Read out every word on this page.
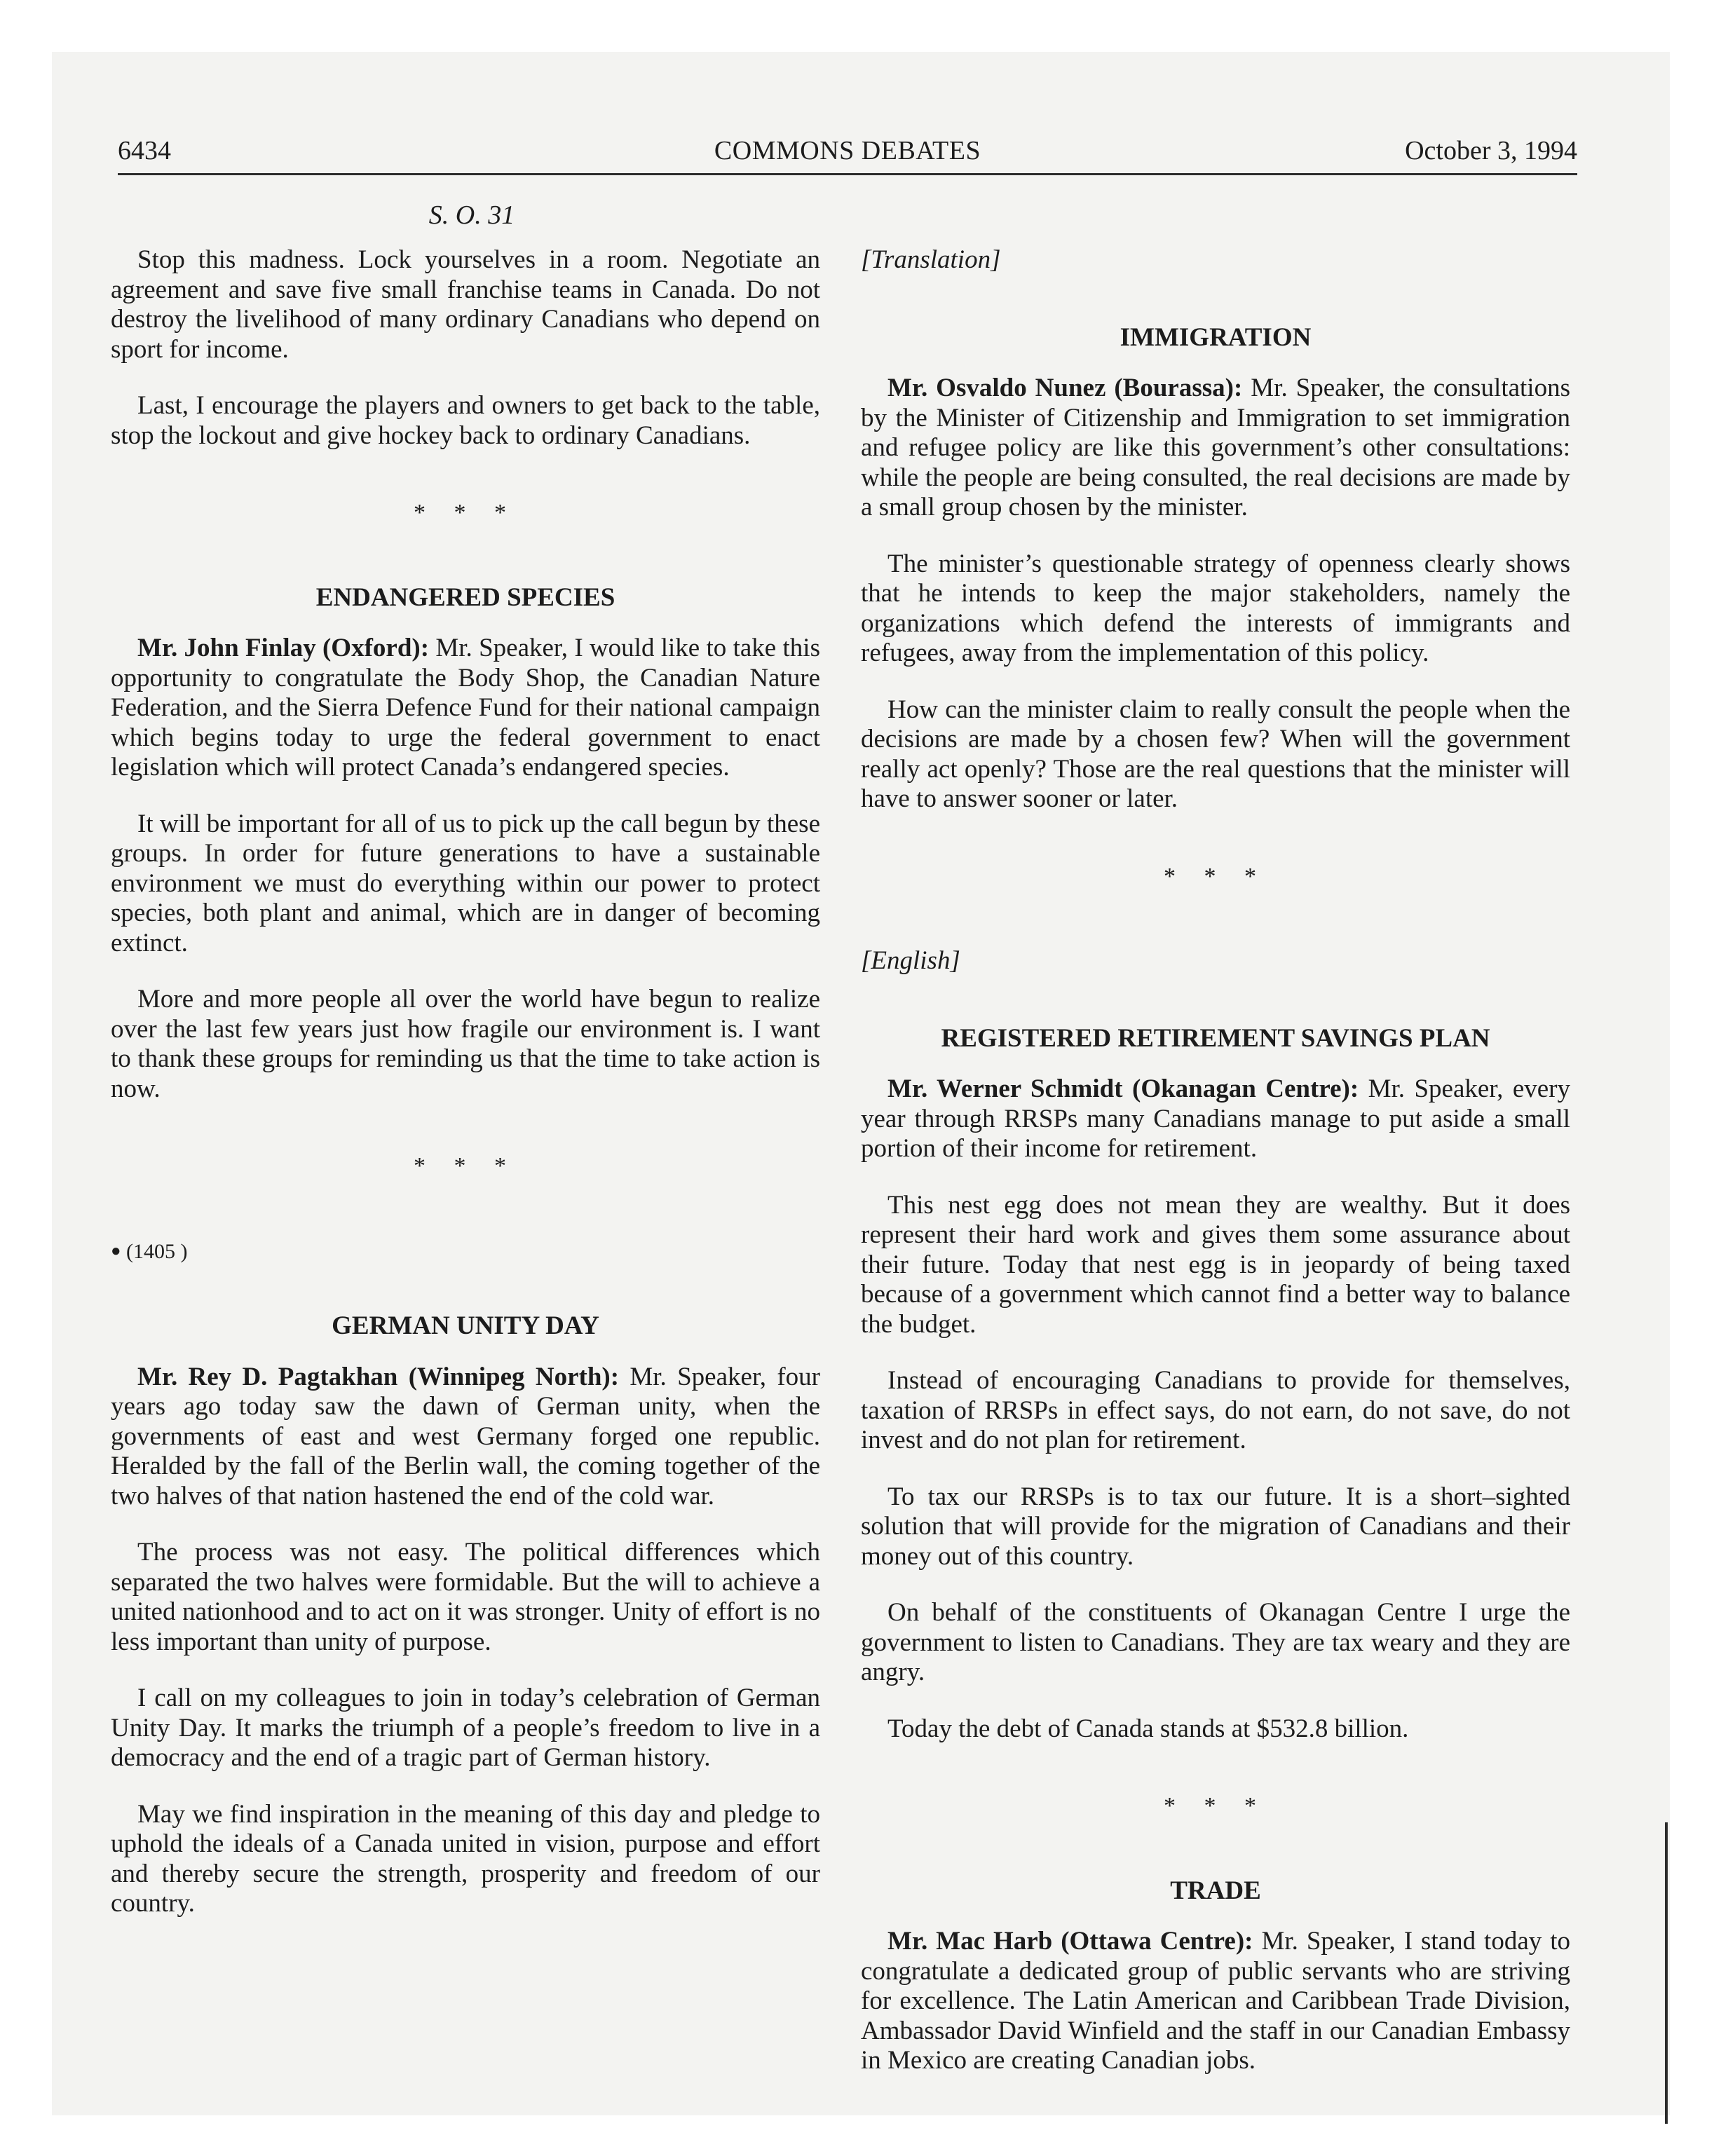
6434	COMMONS DEBATES	October 3, 1994
S. O. 31

Stop this madness. Lock yourselves in a room. Negotiate an agreement and save five small franchise teams in Canada. Do not destroy the livelihood of many ordinary Canadians who depend on sport for income.

Last, I encourage the players and owners to get back to the table, stop the lockout and give hockey back to ordinary Canadians.

* * *
ENDANGERED SPECIES

Mr. John Finlay (Oxford): Mr. Speaker, I would like to take this opportunity to congratulate the Body Shop, the Canadian Nature Federation, and the Sierra Defence Fund for their national campaign which begins today to urge the federal government to enact legislation which will protect Canada’s endangered species.

It will be important for all of us to pick up the call begun by these groups. In order for future generations to have a sustainable environment we must do everything within our power to protect species, both plant and animal, which are in danger of becoming extinct.

More and more people all over the world have begun to realize over the last few years just how fragile our environment is. I want to thank these groups for reminding us that the time to take action is now.

* * *
● (1405 )
GERMAN UNITY DAY

Mr. Rey D. Pagtakhan (Winnipeg North): Mr. Speaker, four years ago today saw the dawn of German unity, when the governments of east and west Germany forged one republic. Heralded by the fall of the Berlin wall, the coming together of the two halves of that nation hastened the end of the cold war.

The process was not easy. The political differences which separated the two halves were formidable. But the will to achieve a united nationhood and to act on it was stronger. Unity of effort is no less important than unity of purpose.

I call on my colleagues to join in today’s celebration of German Unity Day. It marks the triumph of a people’s freedom to live in a democracy and the end of a tragic part of German history.

May we find inspiration in the meaning of this day and pledge to uphold the ideals of a Canada united in vision, purpose and effort and thereby secure the strength, prosperity and freedom of our country.

[Translation]

IMMIGRATION

Mr. Osvaldo Nunez (Bourassa): Mr. Speaker, the consultations by the Minister of Citizenship and Immigration to set immigration and refugee policy are like this government’s other consultations: while the people are being consulted, the real decisions are made by a small group chosen by the minister.

The minister’s questionable strategy of openness clearly shows that he intends to keep the major stakeholders, namely the organizations which defend the interests of immigrants and refugees, away from the implementation of this policy.

How can the minister claim to really consult the people when the decisions are made by a chosen few? When will the government really act openly? Those are the real questions that the minister will have to answer sooner or later.

* * *

[English]

REGISTERED RETIREMENT SAVINGS PLAN

Mr. Werner Schmidt (Okanagan Centre): Mr. Speaker, every year through RRSPs many Canadians manage to put aside a small portion of their income for retirement.

This nest egg does not mean they are wealthy. But it does represent their hard work and gives them some assurance about their future. Today that nest egg is in jeopardy of being taxed because of a government which cannot find a better way to balance the budget.

Instead of encouraging Canadians to provide for themselves, taxation of RRSPs in effect says, do not earn, do not save, do not invest and do not plan for retirement.

To tax our RRSPs is to tax our future. It is a short–sighted solution that will provide for the migration of Canadians and their money out of this country.

On behalf of the constituents of Okanagan Centre I urge the government to listen to Canadians. They are tax weary and they are angry.

Today the debt of Canada stands at $532.8 billion.

* * *
TRADE

Mr. Mac Harb (Ottawa Centre): Mr. Speaker, I stand today to congratulate a dedicated group of public servants who are striving for excellence. The Latin American and Caribbean Trade Division, Ambassador David Winfield and the staff in our Canadian Embassy in Mexico are creating Canadian jobs.
